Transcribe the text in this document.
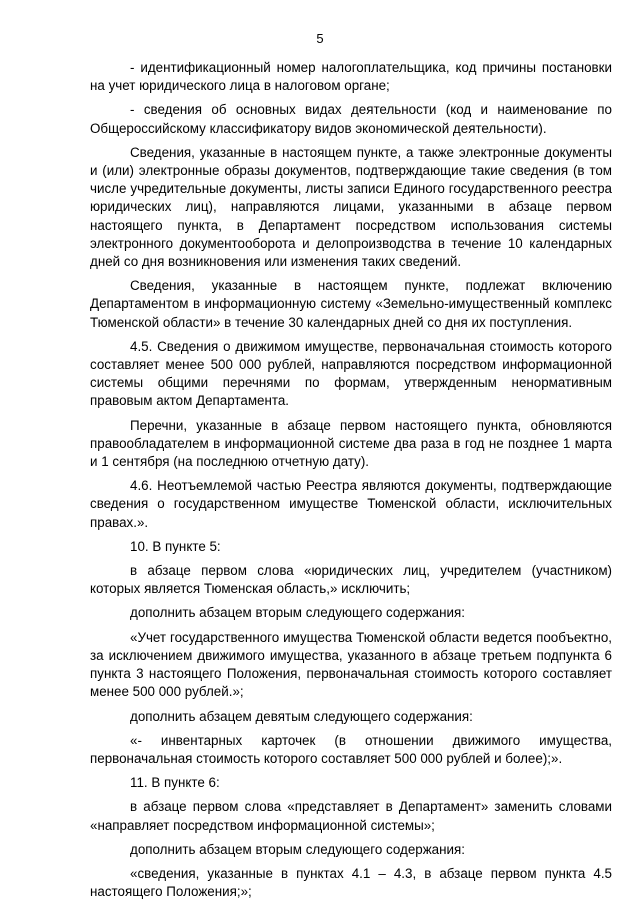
5

- идентификационный номер налогоплательщика, код причины постановки на учет юридического лица в налоговом органе;

- сведения об основных видах деятельности (код и наименование по Общероссийскому классификатору видов экономической деятельности).

Сведения, указанные в настоящем пункте, а также электронные документы и (или) электронные образы документов, подтверждающие такие сведения (в том числе учредительные документы, листы записи Единого государственного реестра юридических лиц), направляются лицами, указанными в абзаце первом настоящего пункта, в Департамент посредством использования системы электронного документооборота и делопроизводства в течение 10 календарных дней со дня возникновения или изменения таких сведений.

Сведения, указанные в настоящем пункте, подлежат включению Департаментом в информационную систему «Земельно-имущественный комплекс Тюменской области» в течение 30 календарных дней со дня их поступления.

4.5. Сведения о движимом имуществе, первоначальная стоимость которого составляет менее 500 000 рублей, направляются посредством информационной системы общими перечнями по формам, утвержденным ненормативным правовым актом Департамента.

Перечни, указанные в абзаце первом настоящего пункта, обновляются правообладателем в информационной системе два раза в год не позднее 1 марта и 1 сентября (на последнюю отчетную дату).

4.6. Неотъемлемой частью Реестра являются документы, подтверждающие сведения о государственном имуществе Тюменской области, исключительных правах.».

10. В пункте 5:

в абзаце первом слова «юридических лиц, учредителем (участником) которых является Тюменская область,» исключить;

дополнить абзацем вторым следующего содержания:

«Учет государственного имущества Тюменской области ведется пообъектно, за исключением движимого имущества, указанного в абзаце третьем подпункта 6 пункта 3 настоящего Положения, первоначальная стоимость которого составляет менее 500 000 рублей.»;

дополнить абзацем девятым следующего содержания:

«- инвентарных карточек (в отношении движимого имущества, первоначальная стоимость которого составляет 500 000 рублей и более);».

11. В пункте 6:

в абзаце первом слова «представляет в Департамент» заменить словами «направляет посредством информационной системы»;

дополнить абзацем вторым следующего содержания:

«сведения, указанные в пунктах 4.1 – 4.3, в абзаце первом пункта 4.5 настоящего Положения;»;
